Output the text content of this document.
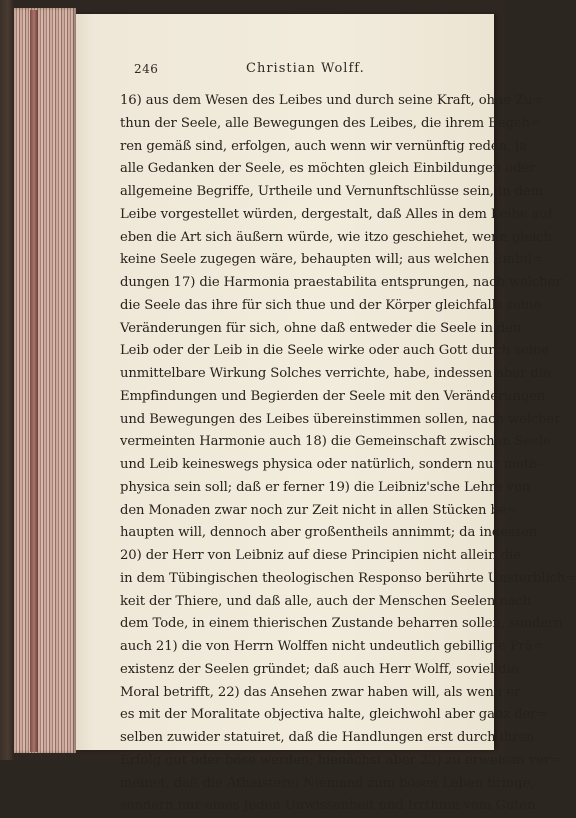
246	Christian Wolff.
16) aus dem Wesen des Leibes und durch seine Kraft, ohne Zu=
thun der Seele, alle Bewegungen des Leibes, die ihrem Begeh=
ren gemäß sind, erfolgen, auch wenn wir vernünftig reden, ja
alle Gedanken der Seele, es möchten gleich Einbildungen oder
allgemeine Begriffe, Urtheile und Vernunftschlüsse sein, in dem
Leibe vorgestellet würden, dergestalt, daß Alles in dem Leibe auf
eben die Art sich äußern würde, wie itzo geschiehet, wenn gleich
keine Seele zugegen wäre, behaupten will; aus welchen Einbil=
dungen 17) die Harmonia praestabilita entsprungen, nach welcher
die Seele das ihre für sich thue und der Körper gleichfalls seine
Veränderungen für sich, ohne daß entweder die Seele in den
Leib oder der Leib in die Seele wirke oder auch Gott durch seine
unmittelbare Wirkung Solches verrichte, habe, indessen aber die
Empfindungen und Begierden der Seele mit den Veränderungen
und Bewegungen des Leibes übereinstimmen sollen, nach welcher
vermeinten Harmonie auch 18) die Gemeinschaft zwischen Seele
und Leib keineswegs physica oder natürlich, sondern nur meta-
physica sein soll; daß er ferner 19) die Leibniz'sche Lehre von
den Monaden zwar noch zur Zeit nicht in allen Stücken be=
haupten will, dennoch aber großentheils annimmt; da indessen
20) der Herr von Leibniz auf diese Principien nicht allein die
in dem Tübingischen theologischen Responso berührte Unsterblich=
keit der Thiere, und daß alle, auch der Menschen Seelen nach
dem Tode, in einem thierischen Zustande beharren sollen, sondern
auch 21) die von Herrn Wolffen nicht undeutlich gebilligte Prä=
existenz der Seelen gründet; daß auch Herr Wolff, soviel die
Moral betrifft, 22) das Ansehen zwar haben will, als wenn er
es mit der Moralitate objectiva halte, gleichwohl aber ganz der=
selben zuwider statuiret, daß die Handlungen erst durch ihren
Erfolg gut oder böse werden; hienächst aber 23) zu erweisen ver=
meinet, daß die Atheisterei Niemand zum bösen Leben bringe,
sondern nur eines Jeden Unwissenheit und Irrthum vom Guten
